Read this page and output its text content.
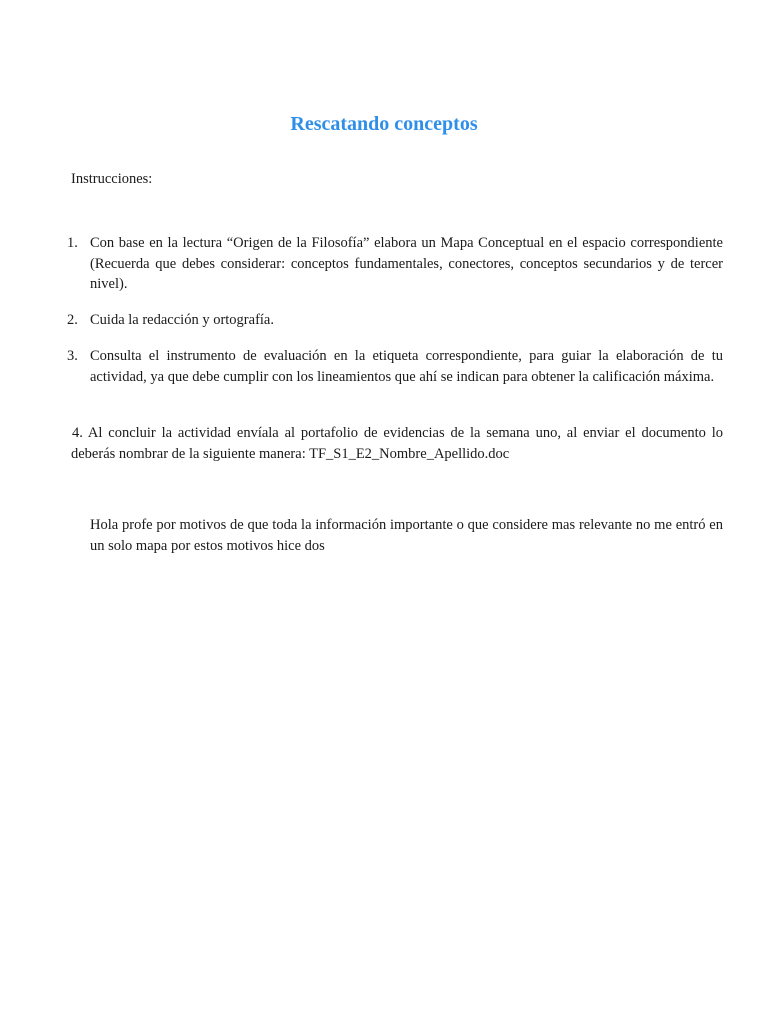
Rescatando conceptos
Instrucciones:
1. Con base en la lectura “Origen de la Filosofía” elabora un Mapa Conceptual en el espacio correspondiente (Recuerda que debes considerar: conceptos fundamentales, conectores, conceptos secundarios y de tercer nivel).
2. Cuida la redacción y ortografía.
3. Consulta el instrumento de evaluación en la etiqueta correspondiente, para guiar la elaboración de tu actividad, ya que debe cumplir con los lineamientos que ahí se indican para obtener la calificación máxima.
4. Al concluir la actividad envíala al portafolio de evidencias de la semana uno, al enviar el documento lo deberás nombrar de la siguiente manera: TF_S1_E2_Nombre_Apellido.doc
Hola profe por motivos de que toda la información importante o que considere mas relevante no me entró en un solo mapa por estos motivos hice dos
